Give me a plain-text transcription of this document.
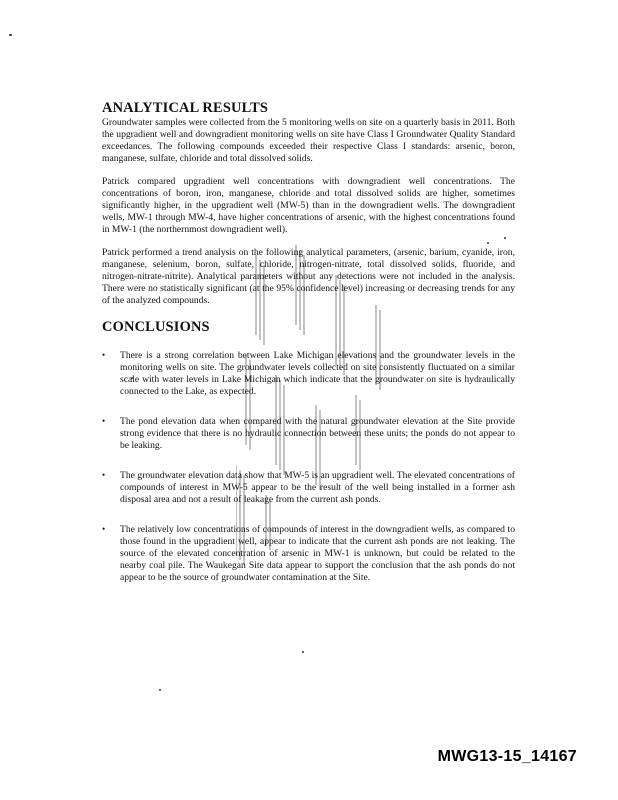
ANALYTICAL RESULTS

Groundwater samples were collected from the 5 monitoring wells on site on a quarterly basis in 2011. Both the upgradient well and downgradient monitoring wells on site have Class I Groundwater Quality Standard exceedances. The following compounds exceeded their respective Class I standards: arsenic, boron, manganese, sulfate, chloride and total dissolved solids.

Patrick compared upgradient well concentrations with downgradient well concentrations. The concentrations of boron, iron, manganese, chloride and total dissolved solids are higher, sometimes significantly higher, in the upgradient well (MW-5) than in the downgradient wells. The downgradient wells, MW-1 through MW-4, have higher concentrations of arsenic, with the highest concentrations found in MW-1 (the northernmost downgradient well).

Patrick performed a trend analysis on the following analytical parameters, (arsenic, barium, cyanide, iron, manganese, selenium, boron, sulfate, chloride, nitrogen-nitrate, total dissolved solids, fluoride, and nitrogen-nitrate-nitrite). Analytical parameters without any detections were not included in the analysis. There were no statistically significant (at the 95% confidence level) increasing or decreasing trends for any of the analyzed compounds.

CONCLUSIONS
• There is a strong correlation between Lake Michigan elevations and the groundwater levels in the monitoring wells on site. The groundwater levels collected on site consistently fluctuated on a similar scale with water levels in Lake Michigan which indicate that the groundwater on site is hydraulically connected to the Lake, as expected.
• The pond elevation data when compared with the natural groundwater elevation at the Site provide strong evidence that there is no hydraulic connection between these units; the ponds do not appear to be leaking.
• The groundwater elevation data show that MW-5 is an upgradient well. The elevated concentrations of compounds of interest in MW-5 appear to be the result of the well being installed in a former ash disposal area and not a result of leakage from the current ash ponds.
• The relatively low concentrations of compounds of interest in the downgradient wells, as compared to those found in the upgradient well, appear to indicate that the current ash ponds are not leaking. The source of the elevated concentration of arsenic in MW-1 is unknown, but could be related to the nearby coal pile. The Waukegan Site data appear to support the conclusion that the ash ponds do not appear to be the source of groundwater contamination at the Site.
MWG13-15_14167
